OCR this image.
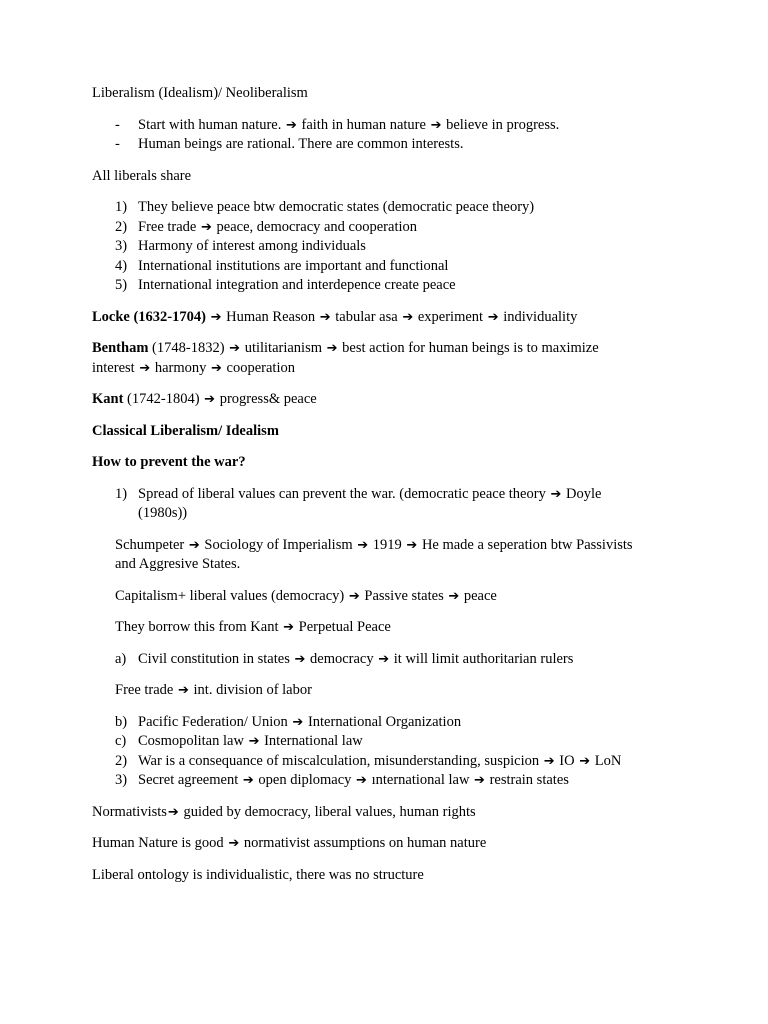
Liberalism (Idealism)/ Neoliberalism
-	Start with human nature. ➔ faith in human nature ➔ believe in progress.
-	Human beings are rational. There are common interests.
All liberals share
1) They believe peace btw democratic states (democratic peace theory)
2) Free trade ➔ peace, democracy and cooperation
3) Harmony of interest among individuals
4) International institutions are important and functional
5) International integration and interdepence create peace
Locke (1632-1704) ➔ Human Reason ➔ tabular asa ➔ experiment ➔ individuality
Bentham (1748-1832) ➔ utilitarianism ➔ best action for human beings is to maximize
interest ➔ harmony ➔ cooperation
Kant (1742-1804) ➔ progress& peace
Classical Liberalism/ Idealism
How to prevent the war?
1) Spread of liberal values can prevent the war. (democratic peace theory ➔ Doyle
(1980s))
Schumpeter ➔ Sociology of Imperialism ➔ 1919 ➔ He made a seperation btw Passivists
and Aggresive States.
Capitalism+ liberal values (democracy) ➔ Passive states ➔ peace
They borrow this from Kant ➔ Perpetual Peace
a) Civil constitution in states ➔ democracy ➔ it will limit authoritarian rulers
Free trade ➔ int. division of labor
b) Pacific Federation/ Union ➔ International Organization
c) Cosmopolitan law ➔ International law
2) War is a consequance of miscalculation, misunderstanding, suspicion ➔ IO ➔ LoN
3) Secret agreement ➔ open diplomacy ➔ ınternational law ➔ restrain states
Normativists➔ guided by democracy, liberal values, human rights
Human Nature is good ➔ normativist assumptions on human nature
Liberal ontology is individualistic, there was no structure
